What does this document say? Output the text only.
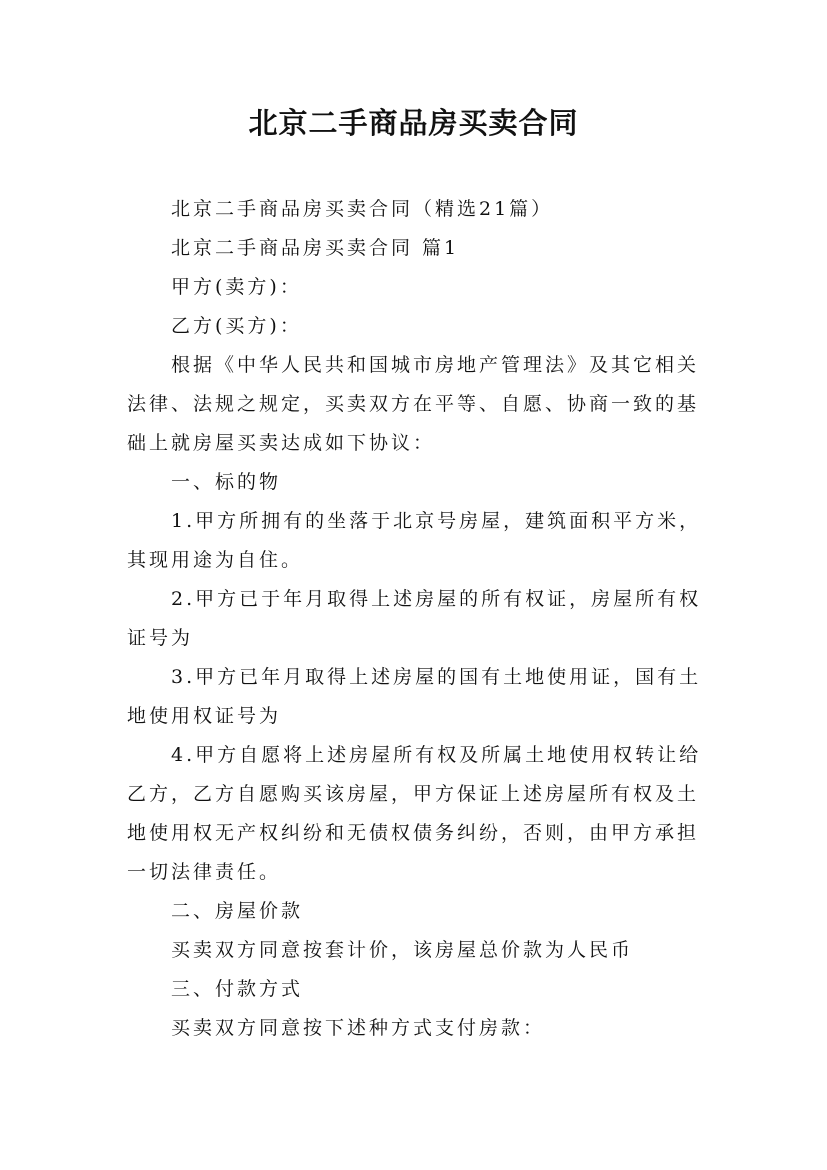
北京二手商品房买卖合同

北京二手商品房买卖合同（精选21篇）

北京二手商品房买卖合同 篇1

甲方(卖方)：

乙方(买方)：

根据《中华人民共和国城市房地产管理法》及其它相关法律、法规之规定，买卖双方在平等、自愿、协商一致的基础上就房屋买卖达成如下协议：

一、标的物

1.甲方所拥有的坐落于北京号房屋，建筑面积平方米，其现用途为自住。

2.甲方已于年月取得上述房屋的所有权证，房屋所有权证号为

3.甲方已年月取得上述房屋的国有土地使用证，国有土地使用权证号为

4.甲方自愿将上述房屋所有权及所属土地使用权转让给乙方，乙方自愿购买该房屋，甲方保证上述房屋所有权及土地使用权无产权纠纷和无债权债务纠纷，否则，由甲方承担一切法律责任。

二、房屋价款

买卖双方同意按套计价，该房屋总价款为人民币

三、付款方式

买卖双方同意按下述种方式支付房款：
